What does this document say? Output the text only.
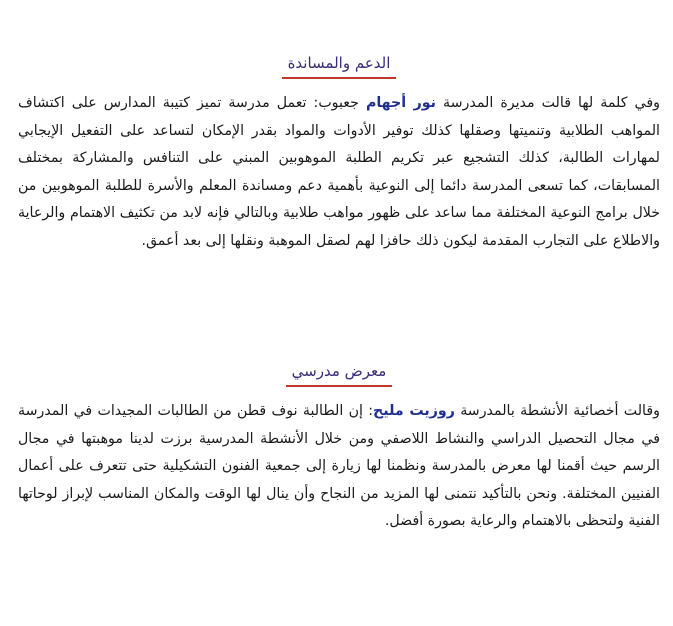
الدعم والمساندة

وفي كلمة لها قالت مديرة المدرسة نور أجهام جعبوب: تعمل مدرسة تميز كتيبة المدارس على اكتشاف المواهب الطلابية وتنميتها وصقلها كذلك توفير الأدوات والمواد بقدر الإمكان لتساعد على التفعيل الإيجابي لمهارات الطالبة، كذلك التشجيع عبر تكريم الطلبة الموهوبين المبني على التنافس والمشاركة بمختلف المسابقات، كما تسعى المدرسة دائما إلى النوعية بأهمية دعم ومساندة المعلم والأسرة للطلبة الموهوبين من خلال برامج النوعية المختلفة مما ساعد على ظهور مواهب طلابية وبالتالي فإنه لابد من تكثيف الاهتمام والرعاية والاطلاع على التجارب المقدمة ليكون ذلك حافزا لهم لصقل الموهبة ونقلها إلى بعد أعمق.

معرض مدرسي

وقالت أخصائية الأنشطة بالمدرسة روزيت مليح: إن الطالبة نوف قطن من الطالبات المجيدات في المدرسة في مجال التحصيل الدراسي والنشاط اللاصفي ومن خلال الأنشطة المدرسية برزت لدينا موهبتها في مجال الرسم حيث أقمنا لها معرض بالمدرسة ونظمنا لها زيارة إلى جمعية الفنون التشكيلية حتى تتعرف على أعمال الفنيين المختلفة. ونحن بالتأكيد نتمنى لها المزيد من النجاح وأن ينال لها الوقت والمكان المناسب لإبراز لوحاتها الفنية ولتحظى بالاهتمام والرعاية بصورة أفضل.
